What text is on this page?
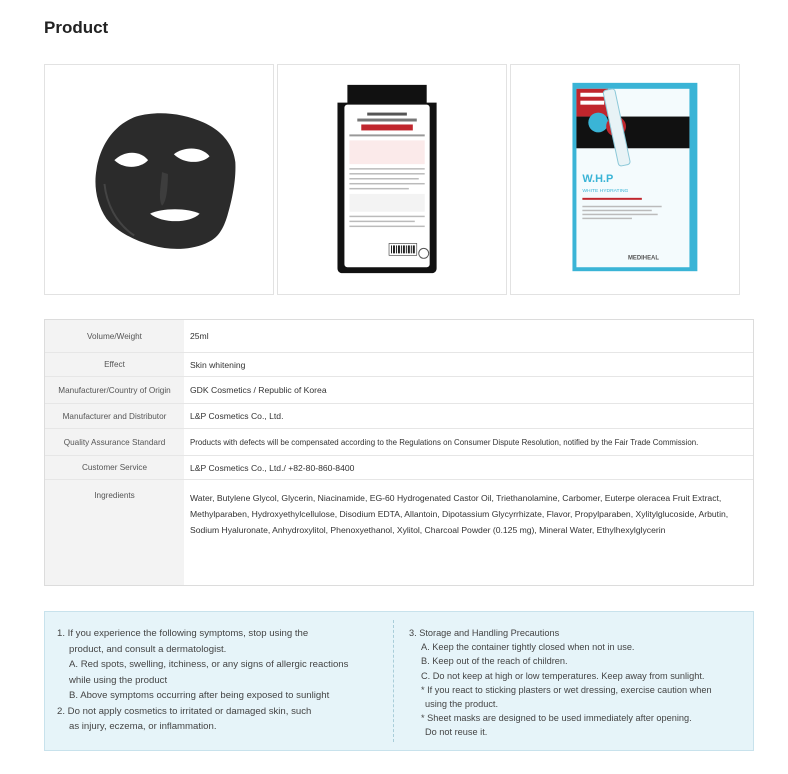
Product
W.H.P
WHITE HYDRATING
MEDIHEAL
Volume/Weight	25ml
Effect	Skin whitening
Manufacturer/Country of Origin	GDK Cosmetics / Republic of Korea
Manufacturer and Distributor	L&P Cosmetics Co., Ltd.
Quality Assurance Standard	Products with defects will be compensated according to the Regulations on Consumer Dispute Resolution, notified by the Fair Trade Commission.
Customer Service	L&P Cosmetics Co., Ltd./ +82-80-860-8400
Ingredients	Water, Butylene Glycol, Glycerin, Niacinamide, EG-60 Hydrogenated Castor Oil, Triethanolamine, Carbomer, Euterpe oleracea Fruit Extract, Methylparaben, Hydroxyethylcellulose, Disodium EDTA, Allantoin, Dipotassium Glycyrrhizate, Flavor, Propylparaben, Xylitylglucoside, Arbutin, Sodium Hyaluronate, Anhydroxylitol, Phenoxyethanol, Xylitol, Charcoal Powder (0.125 mg), Mineral Water, Ethylhexylglycerin
1. If you experience the following symptoms, stop using the
product, and consult a dermatologist.
A. Red spots, swelling, itchiness, or any signs of allergic reactions
while using the product
B. Above symptoms occurring after being exposed to sunlight
2. Do not apply cosmetics to irritated or damaged skin, such
as injury, eczema, or inflammation.
3. Storage and Handling Precautions
A. Keep the container tightly closed when not in use.
B. Keep out of the reach of children.
C. Do not keep at high or low temperatures. Keep away from sunlight.
* If you react to sticking plasters or wet dressing, exercise caution when
using the product.
* Sheet masks are designed to be used immediately after opening.
Do not reuse it.
